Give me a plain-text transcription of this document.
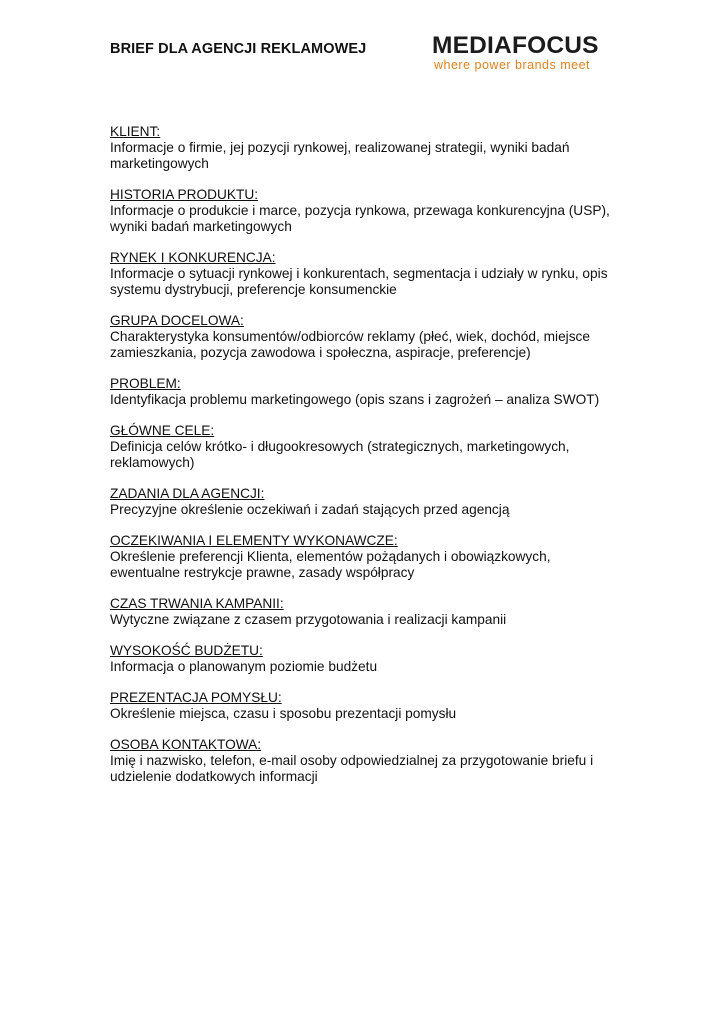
BRIEF DLA AGENCJI REKLAMOWEJ	MEDIAFOCUS
where power brands meet
KLIENT:
Informacje o firmie, jej pozycji rynkowej, realizowanej strategii, wyniki badań marketingowych
HISTORIA PRODUKTU:
Informacje o produkcie i marce, pozycja rynkowa, przewaga konkurencyjna (USP), wyniki badań marketingowych
RYNEK I KONKURENCJA:
Informacje o sytuacji rynkowej i konkurentach, segmentacja i udziały w rynku, opis systemu dystrybucji, preferencje konsumenckie
GRUPA DOCELOWA:
Charakterystyka konsumentów/odbiorców reklamy (płeć, wiek, dochód, miejsce zamieszkania, pozycja zawodowa i społeczna, aspiracje, preferencje)
PROBLEM:
Identyfikacja problemu marketingowego (opis szans i zagrożeń – analiza SWOT)
GŁÓWNE CELE:
Definicja celów krótko- i długookresowych (strategicznych, marketingowych, reklamowych)
ZADANIA DLA AGENCJI:
Precyzyjne określenie oczekiwań i zadań stających przed agencją
OCZEKIWANIA I ELEMENTY WYKONAWCZE:
Określenie preferencji Klienta, elementów pożądanych i obowiązkowych, ewentualne restrykcje prawne, zasady współpracy
CZAS TRWANIA KAMPANII:
Wytyczne związane z czasem przygotowania i realizacji kampanii
WYSOKOŚĆ BUDŻETU:
Informacja o planowanym poziomie budżetu
PREZENTACJA POMYSŁU:
Określenie miejsca, czasu i sposobu prezentacji pomysłu
OSOBA KONTAKTOWA:
Imię i nazwisko, telefon, e-mail osoby odpowiedzialnej za przygotowanie briefu i udzielenie dodatkowych informacji
